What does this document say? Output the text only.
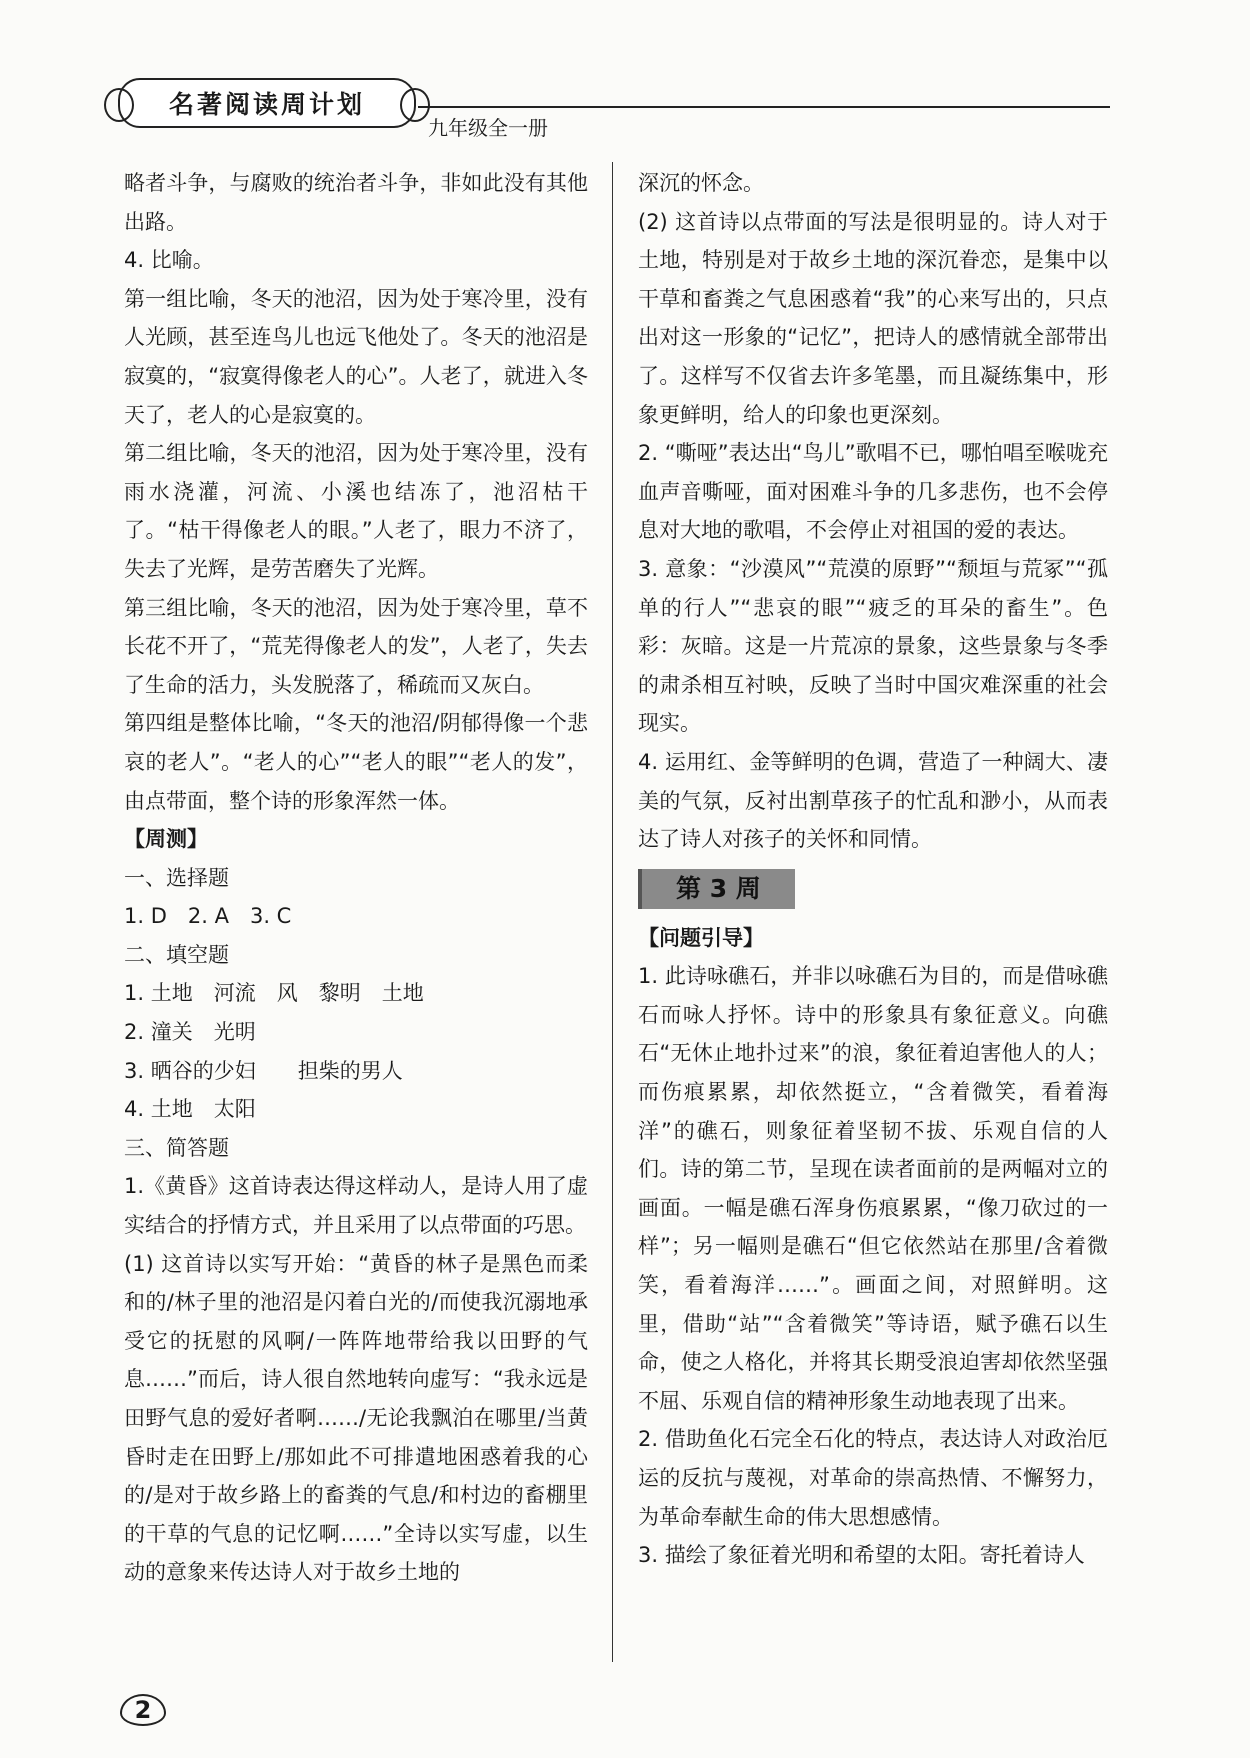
名著阅读周计划
九年级全一册

略者斗争，与腐败的统治者斗争，非如此没有其他出路。

4. 比喻。

第一组比喻，冬天的池沼，因为处于寒冷里，没有人光顾，甚至连鸟儿也远飞他处了。冬天的池沼是寂寞的，“寂寞得像老人的心”。人老了，就进入冬天了，老人的心是寂寞的。

第二组比喻，冬天的池沼，因为处于寒冷里，没有雨水浇灌，河流、小溪也结冻了，池沼枯干了。“枯干得像老人的眼。”人老了，眼力不济了，失去了光辉，是劳苦磨失了光辉。

第三组比喻，冬天的池沼，因为处于寒冷里，草不长花不开了，“荒芜得像老人的发”，人老了，失去了生命的活力，头发脱落了，稀疏而又灰白。

第四组是整体比喻，“冬天的池沼/阴郁得像一个悲哀的老人”。“老人的心”“老人的眼”“老人的发”，由点带面，整个诗的形象浑然一体。

【周测】

一、选择题

1. D　2. A　3. C

二、填空题

1. 土地　河流　风　黎明　土地

2. 潼关　光明

3. 晒谷的少妇　　担柴的男人

4. 土地　太阳

三、简答题

1.《黄昏》这首诗表达得这样动人，是诗人用了虚实结合的抒情方式，并且采用了以点带面的巧思。

(1) 这首诗以实写开始：“黄昏的林子是黑色而柔和的/林子里的池沼是闪着白光的/而使我沉溺地承受它的抚慰的风啊/一阵阵地带给我以田野的气息……”而后，诗人很自然地转向虚写：“我永远是田野气息的爱好者啊……/无论我飘泊在哪里/当黄昏时走在田野上/那如此不可排遣地困惑着我的心的/是对于故乡路上的畜粪的气息/和村边的畜棚里的干草的气息的记忆啊……”全诗以实写虚，以生动的意象来传达诗人对于故乡土地的

深沉的怀念。

(2) 这首诗以点带面的写法是很明显的。诗人对于土地，特别是对于故乡土地的深沉眷恋，是集中以干草和畜粪之气息困惑着“我”的心来写出的，只点出对这一形象的“记忆”，把诗人的感情就全部带出了。这样写不仅省去许多笔墨，而且凝练集中，形象更鲜明，给人的印象也更深刻。

2. “嘶哑”表达出“鸟儿”歌唱不已，哪怕唱至喉咙充血声音嘶哑，面对困难斗争的几多悲伤，也不会停息对大地的歌唱，不会停止对祖国的爱的表达。

3. 意象：“沙漠风”“荒漠的原野”“颓垣与荒冢”“孤单的行人”“悲哀的眼”“疲乏的耳朵的畜生”。色彩：灰暗。这是一片荒凉的景象，这些景象与冬季的肃杀相互衬映，反映了当时中国灾难深重的社会现实。

4. 运用红、金等鲜明的色调，营造了一种阔大、凄美的气氛，反衬出割草孩子的忙乱和渺小，从而表达了诗人对孩子的关怀和同情。

第 3 周

【问题引导】

1. 此诗咏礁石，并非以咏礁石为目的，而是借咏礁石而咏人抒怀。诗中的形象具有象征意义。向礁石“无休止地扑过来”的浪，象征着迫害他人的人；而伤痕累累，却依然挺立，“含着微笑，看着海洋”的礁石，则象征着坚韧不拔、乐观自信的人们。诗的第二节，呈现在读者面前的是两幅对立的画面。一幅是礁石浑身伤痕累累，“像刀砍过的一样”；另一幅则是礁石“但它依然站在那里/含着微笑，看着海洋……”。画面之间，对照鲜明。这里，借助“站”“含着微笑”等诗语，赋予礁石以生命，使之人格化，并将其长期受浪迫害却依然坚强不屈、乐观自信的精神形象生动地表现了出来。

2. 借助鱼化石完全石化的特点，表达诗人对政治厄运的反抗与蔑视，对革命的崇高热情、不懈努力，为革命奉献生命的伟大思想感情。

3. 描绘了象征着光明和希望的太阳。寄托着诗人

2
